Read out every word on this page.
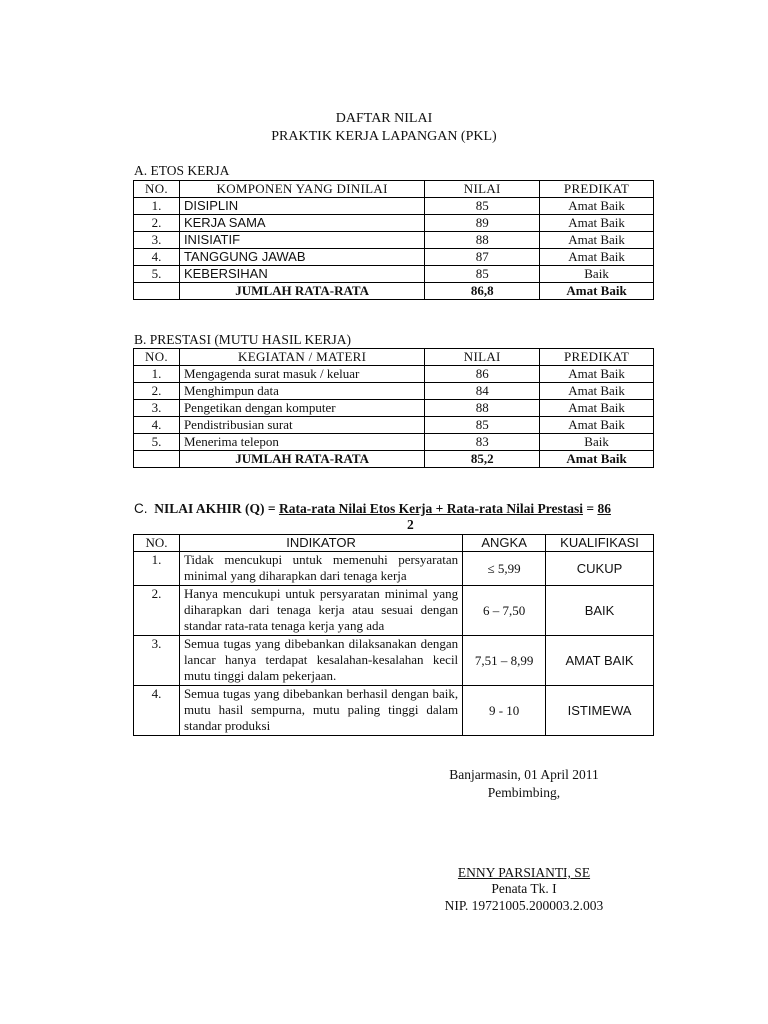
DAFTAR NILAI
PRAKTIK KERJA LAPANGAN (PKL)
A. ETOS KERJA
NO.	KOMPONEN YANG DINILAI	NILAI	PREDIKAT
1.	DISIPLIN	85	Amat Baik
2.	KERJA SAMA	89	Amat Baik
3.	INISIATIF	88	Amat Baik
4.	TANGGUNG JAWAB	87	Amat Baik
5.	KEBERSIHAN	85	Baik
	JUMLAH RATA-RATA	86,8	Amat Baik
B. PRESTASI (MUTU HASIL KERJA)
NO.	KEGIATAN / MATERI	NILAI	PREDIKAT
1.	Mengagenda surat masuk / keluar	86	Amat Baik
2.	Menghimpun data	84	Amat Baik
3.	Pengetikan dengan komputer	88	Amat Baik
4.	Pendistribusian surat	85	Amat Baik
5.	Menerima telepon	83	Baik
	JUMLAH RATA-RATA	85,2	Amat Baik
C. NILAI AKHIR (Q) = Rata-rata Nilai Etos Kerja + Rata-rata Nilai Prestasi = 86
2
NO.	INDIKATOR	ANGKA	KUALIFIKASI
1.	Tidak mencukupi untuk memenuhi persyaratan minimal yang diharapkan dari tenaga kerja	≤ 5,99	CUKUP
2.	Hanya mencukupi untuk persyaratan minimal yang diharapkan dari tenaga kerja atau sesuai dengan standar rata-rata tenaga kerja yang ada	6 – 7,50	BAIK
3.	Semua tugas yang dibebankan dilaksanakan dengan lancar hanya terdapat kesalahan-kesalahan kecil mutu tinggi dalam pekerjaan.	7,51 – 8,99	AMAT BAIK
4.	Semua tugas yang dibebankan berhasil dengan baik, mutu hasil sempurna, mutu paling tinggi dalam standar produksi	9 - 10	ISTIMEWA
Banjarmasin, 01 April 2011
Pembimbing,
ENNY PARSIANTI, SE
Penata Tk. I
NIP. 19721005.200003.2.003
